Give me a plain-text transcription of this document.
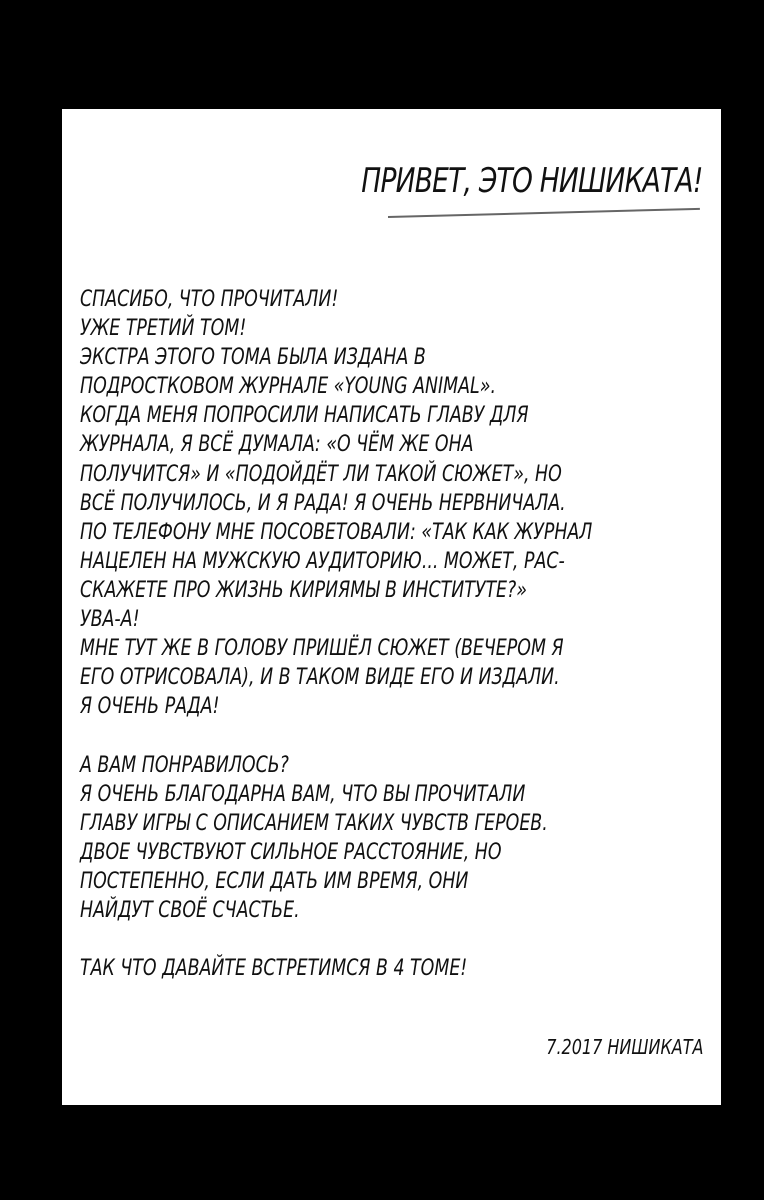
ПРИВЕТ, ЭТО НИШИКАТА!
СПАСИБО, ЧТО ПРОЧИТАЛИ!
УЖЕ ТРЕТИЙ ТОМ!
ЭКСТРА ЭТОГО ТОМА БЫЛА ИЗДАНА В
ПОДРОСТКОВОМ ЖУРНАЛЕ «YOUNG ANIMAL».
КОГДА МЕНЯ ПОПРОСИЛИ НАПИСАТЬ ГЛАВУ ДЛЯ
ЖУРНАЛА, Я ВСЁ ДУМАЛА: «О ЧЁМ ЖЕ ОНА
ПОЛУЧИТСЯ» И «ПОДОЙДЁТ ЛИ ТАКОЙ СЮЖЕТ», НО
ВСЁ ПОЛУЧИЛОСЬ, И Я РАДА! Я ОЧЕНЬ НЕРВНИЧАЛА.
ПО ТЕЛЕФОНУ МНЕ ПОСОВЕТОВАЛИ: «ТАК КАК ЖУРНАЛ
НАЦЕЛЕН НА МУЖСКУЮ АУДИТОРИЮ... МОЖЕТ, РАС-
СКАЖЕТЕ ПРО ЖИЗНЬ КИРИЯМЫ В ИНСТИТУТЕ?»
УВА-А!
МНЕ ТУТ ЖЕ В ГОЛОВУ ПРИШЁЛ СЮЖЕТ (ВЕЧЕРОМ Я
ЕГО ОТРИСОВАЛА), И В ТАКОМ ВИДЕ ЕГО И ИЗДАЛИ.
Я ОЧЕНЬ РАДА!
А ВАМ ПОНРАВИЛОСЬ?
Я ОЧЕНЬ БЛАГОДАРНА ВАМ, ЧТО ВЫ ПРОЧИТАЛИ
ГЛАВУ ИГРЫ С ОПИСАНИЕМ ТАКИХ ЧУВСТВ ГЕРОЕВ.
ДВОЕ ЧУВСТВУЮТ СИЛЬНОЕ РАССТОЯНИЕ, НО
ПОСТЕПЕННО, ЕСЛИ ДАТЬ ИМ ВРЕМЯ, ОНИ
НАЙДУТ СВОЁ СЧАСТЬЕ.
ТАК ЧТО ДАВАЙТЕ ВСТРЕТИМСЯ В 4 ТОМЕ!
7.2017 НИШИКАТА
